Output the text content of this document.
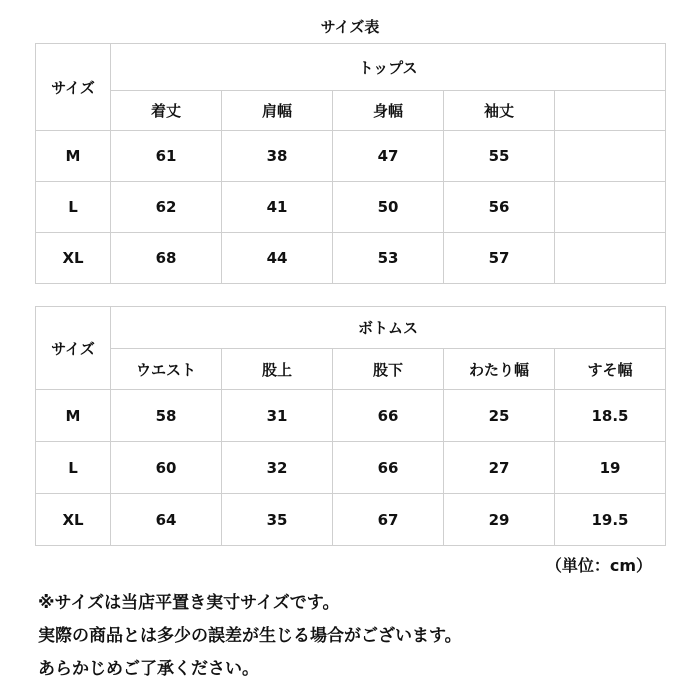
サイズ表
サイズ	トップス				
	着丈	肩幅	身幅	袖丈	
M	61	38	47	55	
L	62	41	50	56	
XL	68	44	53	57	
サイズ	ボトムス				
	ウエスト	股上	股下	わたり幅	すそ幅
M	58	31	66	25	18.5
L	60	32	66	27	19
XL	64	35	67	29	19.5
（単位：cm）
※サイズは当店平置き実寸サイズです。
実際の商品とは多少の誤差が生じる場合がございます。
あらかじめご了承ください。
